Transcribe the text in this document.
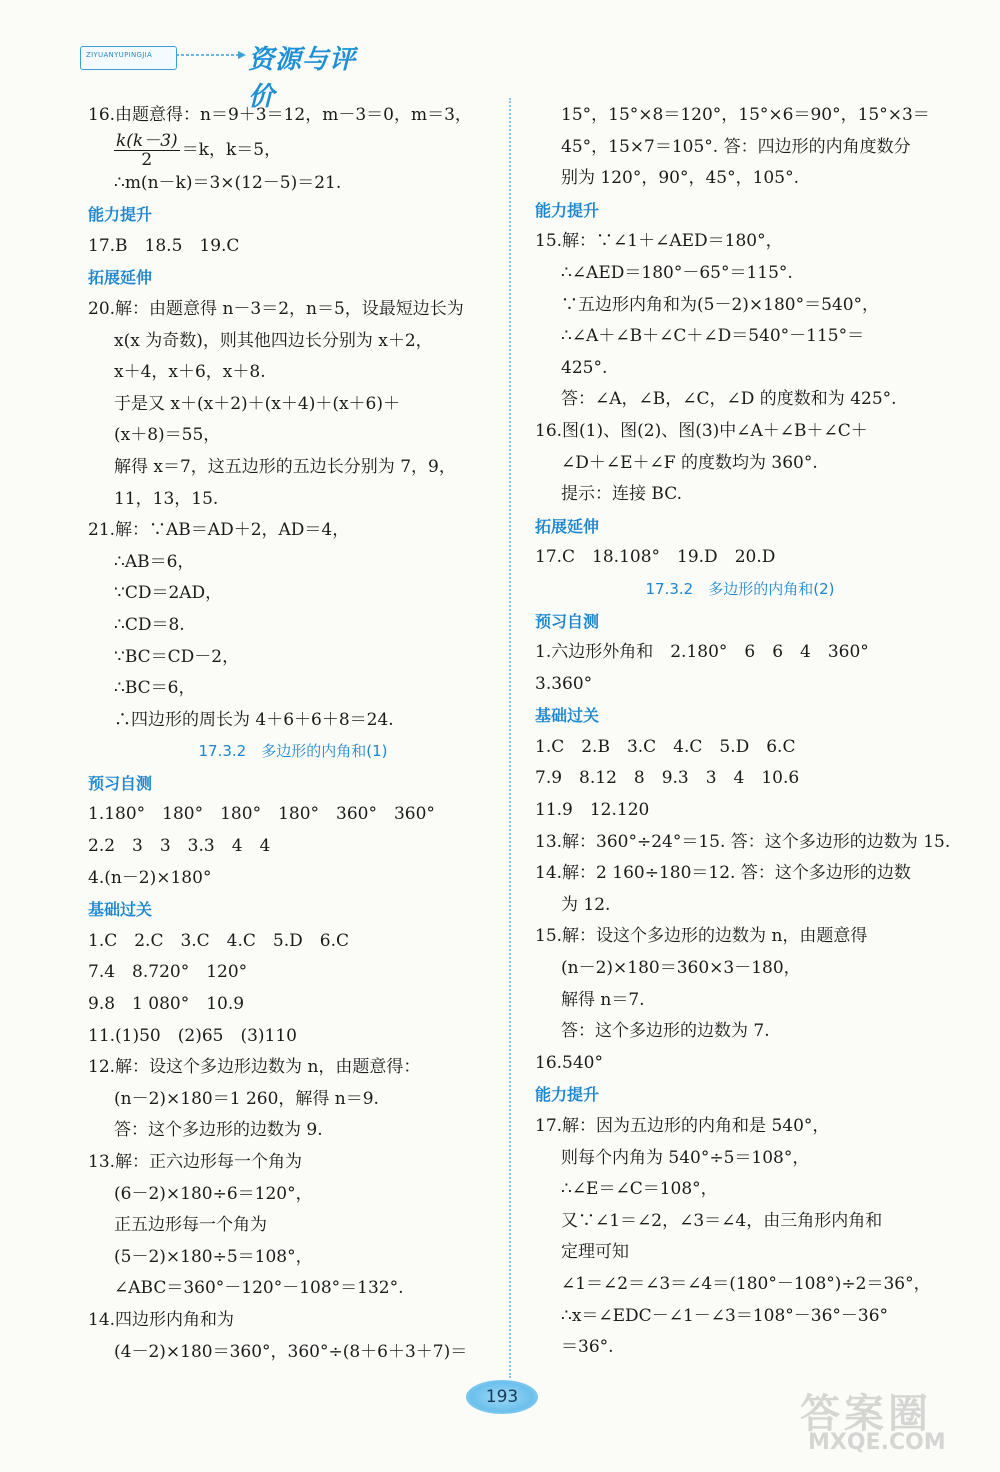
ZIYUANYUPINGJIA	资源与评价
16.由题意得：n＝9＋3＝12，m－3＝0，m＝3，
$\frac{k(k-3)}{2} =k$，k＝5，
∴m(n－k)＝3×(12－5)＝21.
能力提升
17.B　18.5　19.C
拓展延伸
20.解：由题意得 n－3＝2，n＝5，设最短边长为
x(x 为奇数)，则其他四边长分别为 x＋2，
x＋4，x＋6，x＋8.
于是又 x＋(x＋2)＋(x＋4)＋(x＋6)＋
(x＋8)＝55，
解得 x＝7，这五边形的五边长分别为 7，9，
11，13，15.
21.解：∵AB＝AD＋2，AD＝4，
∴AB＝6，
∵CD＝2AD，
∴CD＝8.
∵BC＝CD－2，
∴BC＝6，
∴四边形的周长为 4＋6＋6＋8＝24.
17.3.2　多边形的内角和(1)
预习自测
1.180°　180°　180°　180°　360°　360°
2.2　3　3　3.3　4　4
4.(n－2)×180°
基础过关
1.C　2.C　3.C　4.C　5.D　6.C
7.4　8.720°　120°
9.8　1 080°　10.9
11.(1)50　(2)65　(3)110
12.解：设这个多边形边数为 n，由题意得：
(n－2)×180＝1 260，解得 n＝9.
答：这个多边形的边数为 9.
13.解：正六边形每一个角为
(6－2)×180÷6＝120°，
正五边形每一个角为
(5－2)×180÷5＝108°，
∠ABC＝360°－120°－108°＝132°.
14.四边形内角和为
(4－2)×180＝360°，360°÷(8＋6＋3＋7)＝
15°，15°×8＝120°，15°×6＝90°，15°×3＝
45°，15×7＝105°. 答：四边形的内角度数分
别为 120°，90°，45°，105°.
能力提升
15.解：∵∠1＋∠AED＝180°，
∴∠AED＝180°－65°＝115°.
∵五边形内角和为(5－2)×180°＝540°，
∴∠A＋∠B＋∠C＋∠D＝540°－115°＝
425°.
答：∠A，∠B，∠C，∠D 的度数和为 425°.
16.图(1)、图(2)、图(3)中∠A＋∠B＋∠C＋
∠D＋∠E＋∠F 的度数均为 360°.
提示：连接 BC.
拓展延伸
17.C　18.108°　19.D　20.D
17.3.2　多边形的内角和(2)
预习自测
1.六边形外角和　2.180°　6　6　4　360°
3.360°
基础过关
1.C　2.B　3.C　4.C　5.D　6.C
7.9　8.12　8　9.3　3　4　10.6
11.9　12.120
13.解：360°÷24°＝15. 答：这个多边形的边数为 15.
14.解：2 160÷180＝12. 答：这个多边形的边数
为 12.
15.解：设这个多边形的边数为 n，由题意得
(n－2)×180＝360×3－180，
解得 n＝7.
答：这个多边形的边数为 7.
16.540°
能力提升
17.解：因为五边形的内角和是 540°，
则每个内角为 540°÷5＝108°，
∴∠E＝∠C＝108°，
又∵∠1＝∠2，∠3＝∠4，由三角形内角和
定理可知
∠1＝∠2＝∠3＝∠4＝(180°－108°)÷2＝36°，
∴x＝∠EDC－∠1－∠3＝108°－36°－36°
＝36°.
193	答案圈
MXQE.COM
